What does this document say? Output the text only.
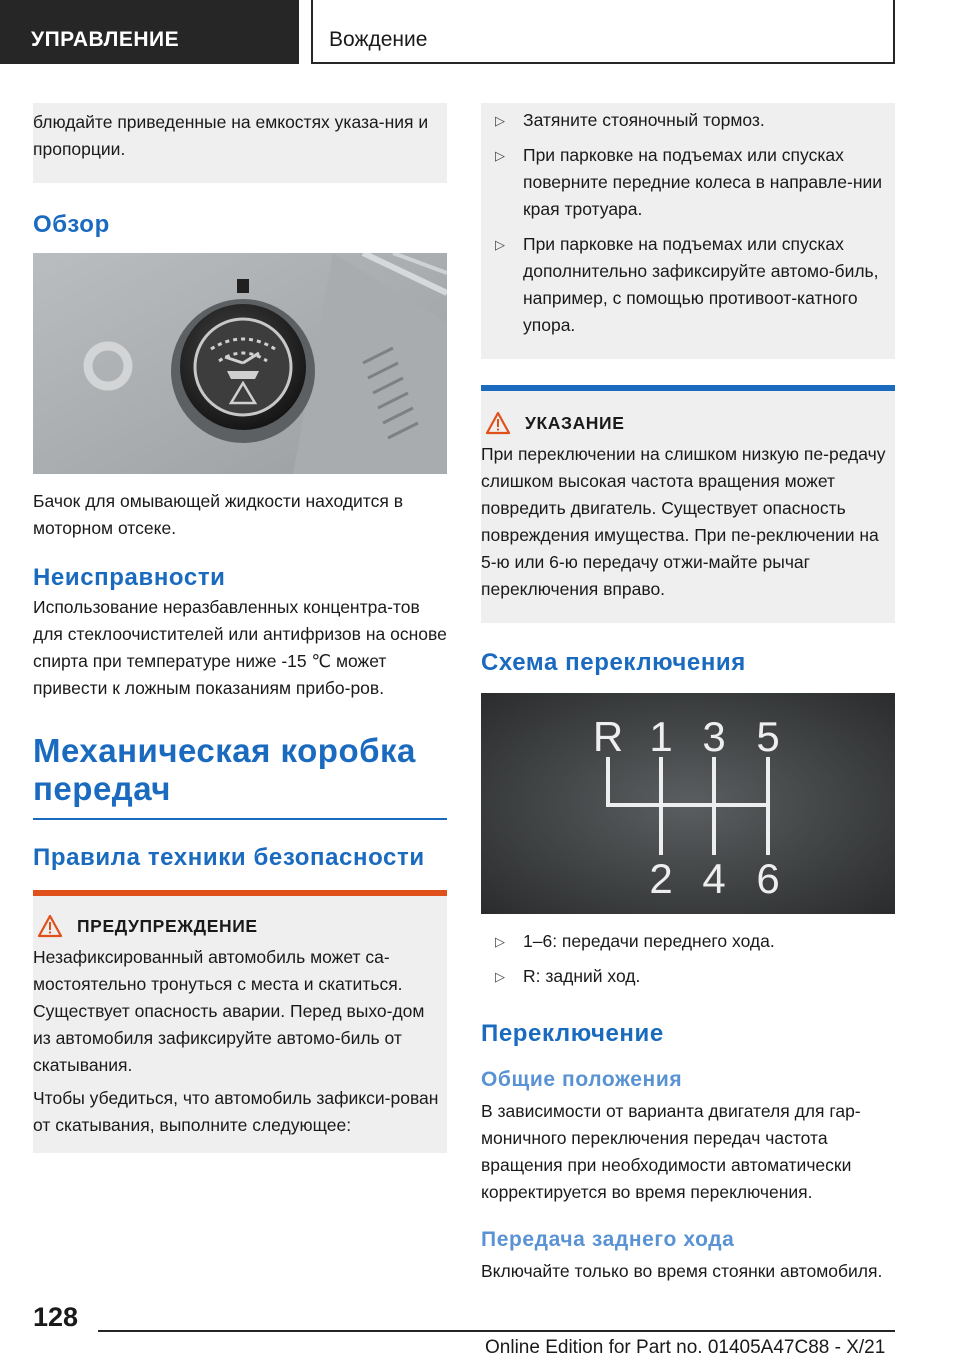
УПРАВЛЕНИЕ	Вождение

блюдайте приведенные на емкостях указа-ния и пропорции.

Обзор

Бачок для омывающей жидкости находится в моторном отсеке.

Неисправности

Использование неразбавленных концентра-тов для стеклоочистителей или антифризов на основе спирта при температуре ниже -15 ℃ может привести к ложным показаниям прибо-ров.

Механическая коробка передач
Правила техники безопасности
ПРЕДУПРЕЖДЕНИЕ

Незафиксированный автомобиль может са-мостоятельно тронуться с места и скатиться. Существует опасность аварии. Перед выхо-дом из автомобиля зафиксируйте автомо-биль от скатывания.

Чтобы убедиться, что автомобиль зафикси-рован от скатывания, выполните следующее:

▷ Затяните стояночный тормоз.
▷ При парковке на подъемах или спусках поверните передние колеса в направле-нии края тротуара.
▷ При парковке на подъемах или спусках дополнительно зафиксируйте автомо-биль, например, с помощью противоот-катного упора.
УКАЗАНИЕ

При переключении на слишком низкую пе-редачу слишком высокая частота вращения может повредить двигатель. Существует опасность повреждения имущества. При пе-реключении на 5-ю или 6-ю передачу отжи-майте рычаг переключения вправо.

Схема переключения
R 1 3 5
2 4 6
▷ 1–6: передачи переднего хода.
▷ R: задний ход.
Переключение
Общие положения

В зависимости от варианта двигателя для гар-моничного переключения передач частота вращения при необходимости автоматически корректируется во время переключения.

Передача заднего хода

Включайте только во время стоянки автомобиля.

128
Online Edition for Part no. 01405A47C88 - X/21
